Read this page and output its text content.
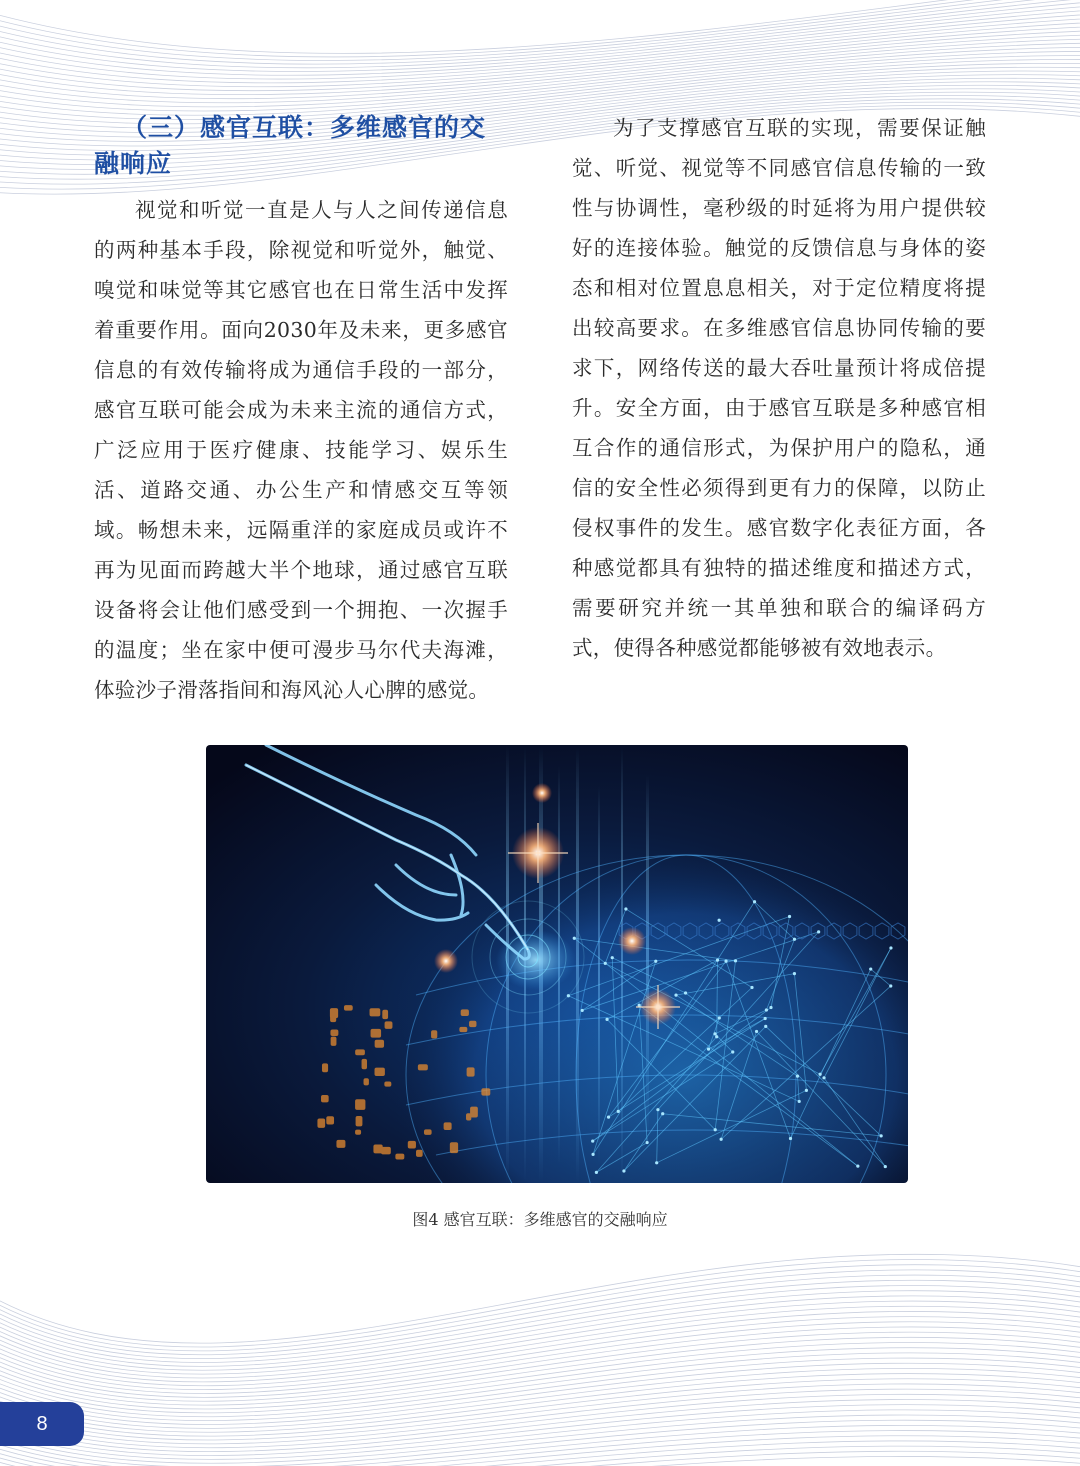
（三）感官互联：多维感官的交融响应

视觉和听觉一直是人与人之间传递信息的两种基本手段，除视觉和听觉外，触觉、嗅觉和味觉等其它感官也在日常生活中发挥着重要作用。面向2030年及未来，更多感官信息的有效传输将成为通信手段的一部分，感官互联可能会成为未来主流的通信方式，广泛应用于医疗健康、技能学习、娱乐生活、道路交通、办公生产和情感交互等领域。畅想未来，远隔重洋的家庭成员或许不再为见面而跨越大半个地球，通过感官互联设备将会让他们感受到一个拥抱、一次握手的温度；坐在家中便可漫步马尔代夫海滩，体验沙子滑落指间和海风沁人心脾的感觉。

为了支撑感官互联的实现，需要保证触觉、听觉、视觉等不同感官信息传输的一致性与协调性，毫秒级的时延将为用户提供较好的连接体验。触觉的反馈信息与身体的姿态和相对位置息息相关，对于定位精度将提出较高要求。在多维感官信息协同传输的要求下，网络传送的最大吞吐量预计将成倍提升。安全方面，由于感官互联是多种感官相互合作的通信形式，为保护用户的隐私，通信的安全性必须得到更有力的保障，以防止侵权事件的发生。感官数字化表征方面，各种感觉都具有独特的描述维度和描述方式，需要研究并统一其单独和联合的编译码方式，使得各种感觉都能够被有效地表示。

图4 感官互联：多维感官的交融响应
8
